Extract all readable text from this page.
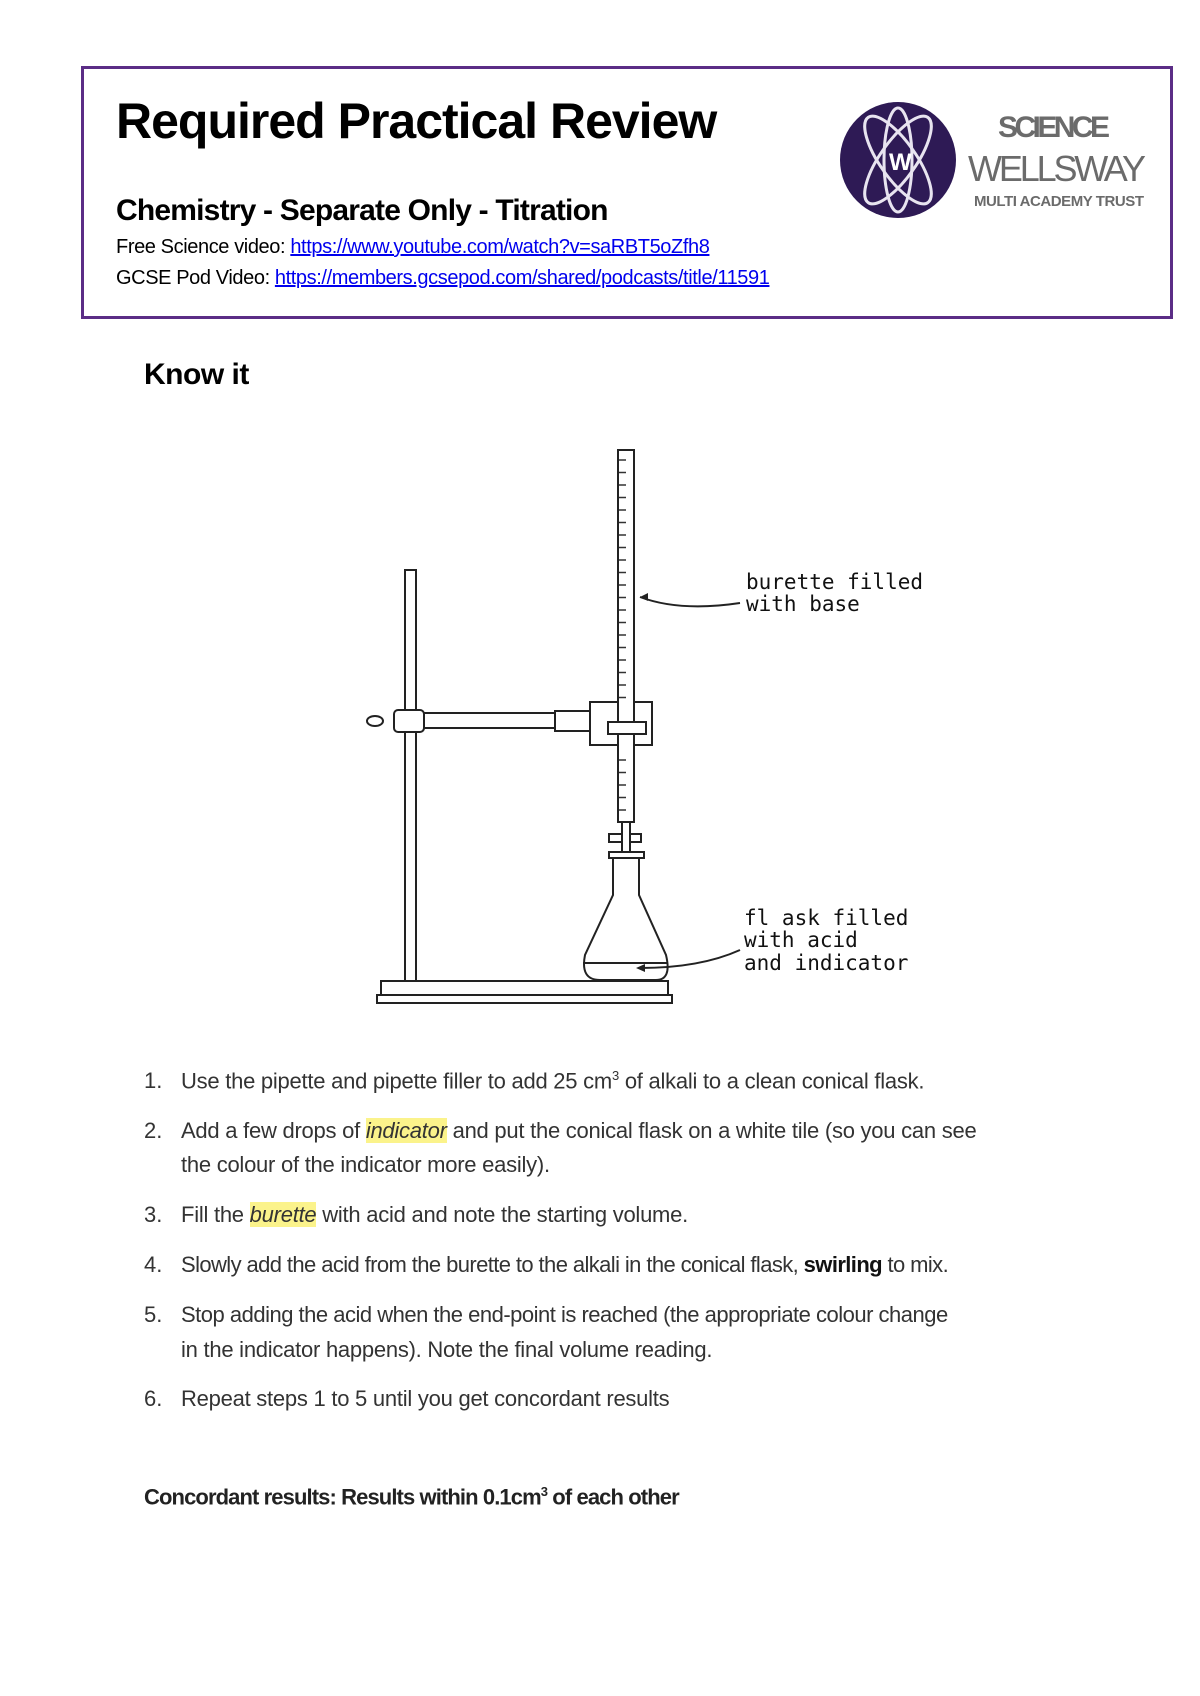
Required Practical Review
Chemistry - Separate Only - Titration
Free Science video: https://www.youtube.com/watch?v=saRBT5oZfh8
GCSE Pod Video: https://members.gcsepod.com/shared/podcasts/title/11591
W
SCIENCE
WELLSWAY
MULTI ACADEMY TRUST
Know it
burette filled
with base
fl ask filled
with acid
and indicator
1. Use the pipette and pipette filler to add 25 $cm^3$ of alkali to a clean conical flask.
2. Add a few drops of indicator and put the conical flask on a white tile (so you can see
the colour of the indicator more easily).
3. Fill the burette with acid and note the starting volume.
4. Slowly add the acid from the burette to the alkali in the conical flask, swirling to mix.
5. Stop adding the acid when the end-point is reached (the appropriate colour change
in the indicator happens). Note the final volume reading.
6. Repeat steps 1 to 5 until you get concordant results
Concordant results: Results within $0.1cm^3$ of each other
